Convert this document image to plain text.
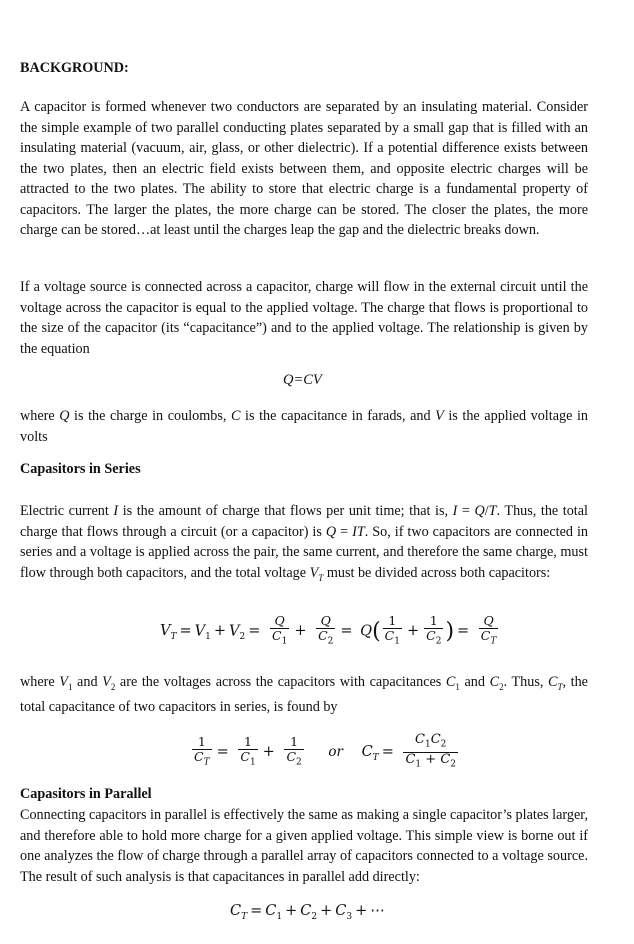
BACKGROUND:

A capacitor is formed whenever two conductors are separated by an insulating material. Consider the simple example of two parallel conducting plates separated by a small gap that is filled with an insulating material (vacuum, air, glass, or other dielectric). If a potential difference exists between the two plates, then an electric field exists between them, and opposite electric charges will be attracted to the two plates. The ability to store that electric charge is a fundamental property of capacitors. The larger the plates, the more charge can be stored. The closer the plates, the more charge can be stored…at least until the charges leap the gap and the dielectric breaks down.

If a voltage source is connected across a capacitor, charge will flow in the external circuit until the voltage across the capacitor is equal to the applied voltage. The charge that flows is proportional to the size of the capacitor (its “capacitance”) and to the applied voltage. The relationship is given by the equation

Q=CV

where Q is the charge in coulombs, C is the capacitance in farads, and V is the applied voltage in volts

Capasitors in Series

Electric current I is the amount of charge that flows per unit time; that is, I = Q/T. Thus, the total charge that flows through a circuit (or a capacitor) is Q = IT. So, if two capacitors are connected in series and a voltage is applied across the pair, the same current, and therefore the same charge, must flow through both capacitors, and the total voltage $V_T$ must be divided across both capacitors:

$V_T = V_1 + V_2 = \frac{Q}{C_1} + \frac{Q}{C_2} = Q( \frac{1}{C_1} + \frac{1}{C_2}$ ) = $\frac{Q}{C_T}$

where $V_1$ and $V_2$ are the voltages across the capacitors with capacitances $C_1$ and $C_2$. Thus, $C_T$, the total capacitance of two capacitors in series, is found by

$\frac{1}{C_T} = \frac{1}{C_1} + \frac{1}{C_2}$ or $C_T = \frac{C_1C_2}{C_1 + C_2}$
Capasitors in Parallel

Connecting capacitors in parallel is effectively the same as making a single capacitor’s plates larger, and therefore able to hold more charge for a given applied voltage. This simple view is borne out if one analyzes the flow of charge through a parallel array of capacitors connected to a voltage source. The result of such analysis is that capacitances in parallel add directly:

$C_T = C_1 + C_2 + C_3$ + ⋯
